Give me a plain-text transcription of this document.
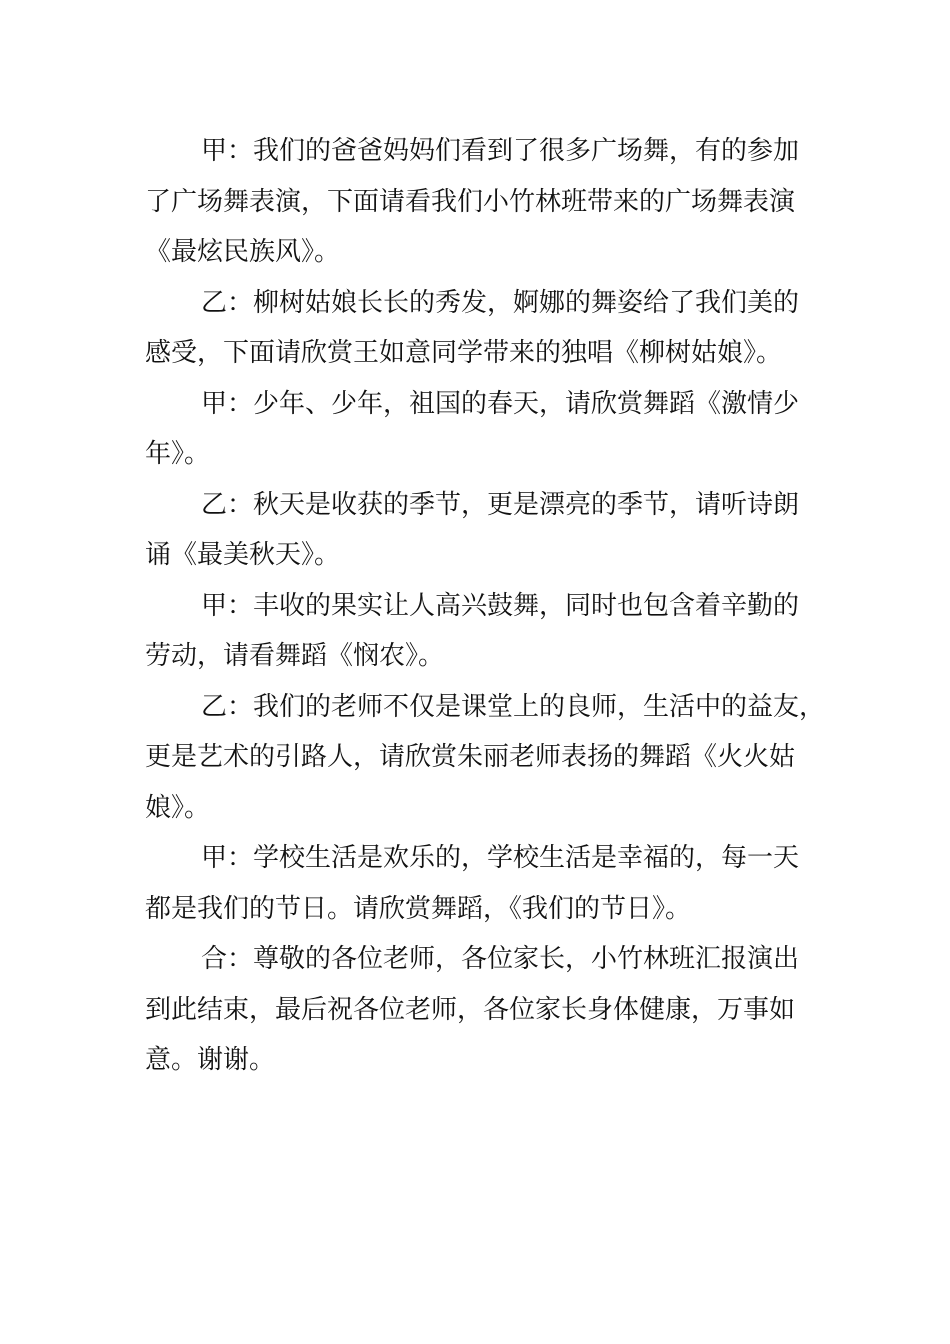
甲：我们的爸爸妈妈们看到了很多广场舞，有的参加
了广场舞表演，下面请看我们小竹林班带来的广场舞表演
《最炫民族风》。
乙：柳树姑娘长长的秀发，婀娜的舞姿给了我们美的
感受，下面请欣赏王如意同学带来的独唱《柳树姑娘》。
甲：少年、少年，祖国的春天，请欣赏舞蹈《激情少
年》。
乙：秋天是收获的季节，更是漂亮的季节，请听诗朗
诵《最美秋天》。
甲：丰收的果实让人高兴鼓舞，同时也包含着辛勤的
劳动，请看舞蹈《悯农》。
乙：我们的老师不仅是课堂上的良师，生活中的益友，
更是艺术的引路人，请欣赏朱丽老师表扬的舞蹈《火火姑
娘》。
甲：学校生活是欢乐的，学校生活是幸福的，每一天
都是我们的节日。请欣赏舞蹈，《我们的节日》。
合：尊敬的各位老师，各位家长，小竹林班汇报演出
到此结束，最后祝各位老师，各位家长身体健康，万事如
意。谢谢。
